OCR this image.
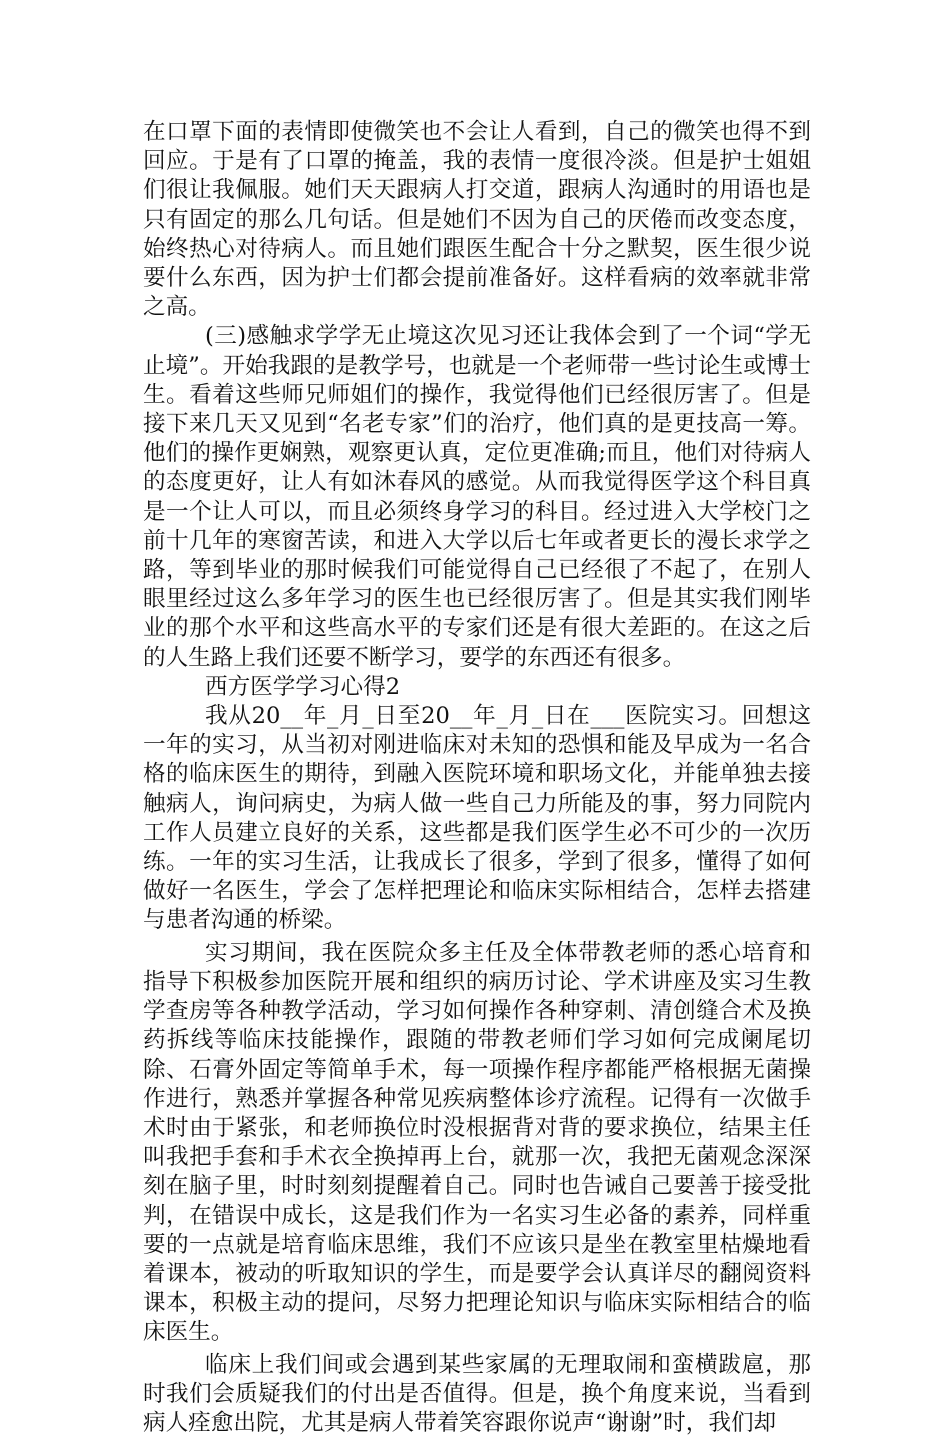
在口罩下面的表情即使微笑也不会让人看到，自己的微笑也得不到回应。于是有了口罩的掩盖，我的表情一度很冷淡。但是护士姐姐们很让我佩服。她们天天跟病人打交道，跟病人沟通时的用语也是只有固定的那么几句话。但是她们不因为自己的厌倦而改变态度，始终热心对待病人。而且她们跟医生配合十分之默契，医生很少说要什么东西，因为护士们都会提前准备好。这样看病的效率就非常之高。

(三)感触求学学无止境这次见习还让我体会到了一个词“学无止境”。开始我跟的是教学号，也就是一个老师带一些讨论生或博士生。看着这些师兄师姐们的操作，我觉得他们已经很厉害了。但是接下来几天又见到“名老专家”们的治疗，他们真的是更技高一筹。他们的操作更娴熟，观察更认真，定位更准确;而且，他们对待病人的态度更好，让人有如沐春风的感觉。从而我觉得医学这个科目真是一个让人可以，而且必须终身学习的科目。经过进入大学校门之前十几年的寒窗苦读，和进入大学以后七年或者更长的漫长求学之路，等到毕业的那时候我们可能觉得自己已经很了不起了，在别人眼里经过这么多年学习的医生也已经很厉害了。但是其实我们刚毕业的那个水平和这些高水平的专家们还是有很大差距的。在这之后的人生路上我们还要不断学习，要学的东西还有很多。

西方医学学习心得2

我从20__年_月_日至20__年_月_日在___医院实习。回想这一年的实习，从当初对刚进临床对未知的恐惧和能及早成为一名合格的临床医生的期待，到融入医院环境和职场文化，并能单独去接触病人，询问病史，为病人做一些自己力所能及的事，努力同院内工作人员建立良好的关系，这些都是我们医学生必不可少的一次历练。一年的实习生活，让我成长了很多，学到了很多，懂得了如何做好一名医生，学会了怎样把理论和临床实际相结合，怎样去搭建与患者沟通的桥梁。

实习期间，我在医院众多主任及全体带教老师的悉心培育和指导下积极参加医院开展和组织的病历讨论、学术讲座及实习生教学查房等各种教学活动，学习如何操作各种穿刺、清创缝合术及换药拆线等临床技能操作，跟随的带教老师们学习如何完成阑尾切除、石膏外固定等简单手术，每一项操作程序都能严格根据无菌操作进行，熟悉并掌握各种常见疾病整体诊疗流程。记得有一次做手术时由于紧张，和老师换位时没根据背对背的要求换位，结果主任叫我把手套和手术衣全换掉再上台，就那一次，我把无菌观念深深刻在脑子里，时时刻刻提醒着自己。同时也告诫自己要善于接受批判，在错误中成长，这是我们作为一名实习生必备的素养，同样重要的一点就是培育临床思维，我们不应该只是坐在教室里枯燥地看着课本，被动的听取知识的学生，而是要学会认真详尽的翻阅资料课本，积极主动的提问，尽努力把理论知识与临床实际相结合的临床医生。

临床上我们间或会遇到某些家属的无理取闹和蛮横跋扈，那时我们会质疑我们的付出是否值得。但是，换个角度来说，当看到病人痊愈出院，尤其是病人带着笑容跟你说声“谢谢”时，我们却
